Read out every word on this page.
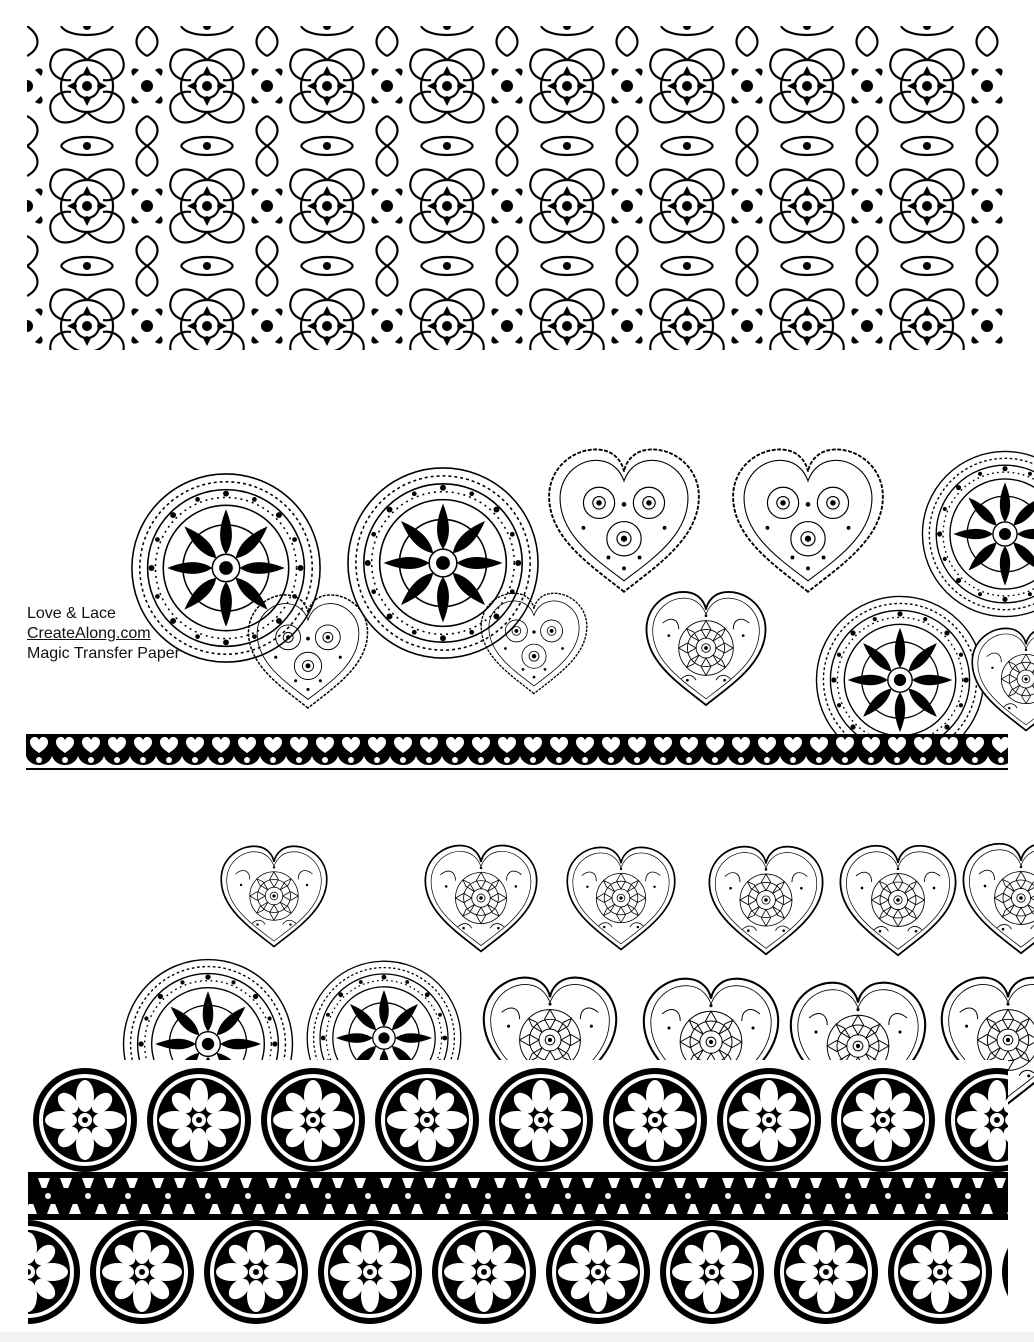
Love & Lace
CreateAlong.com
Magic Transfer Paper
